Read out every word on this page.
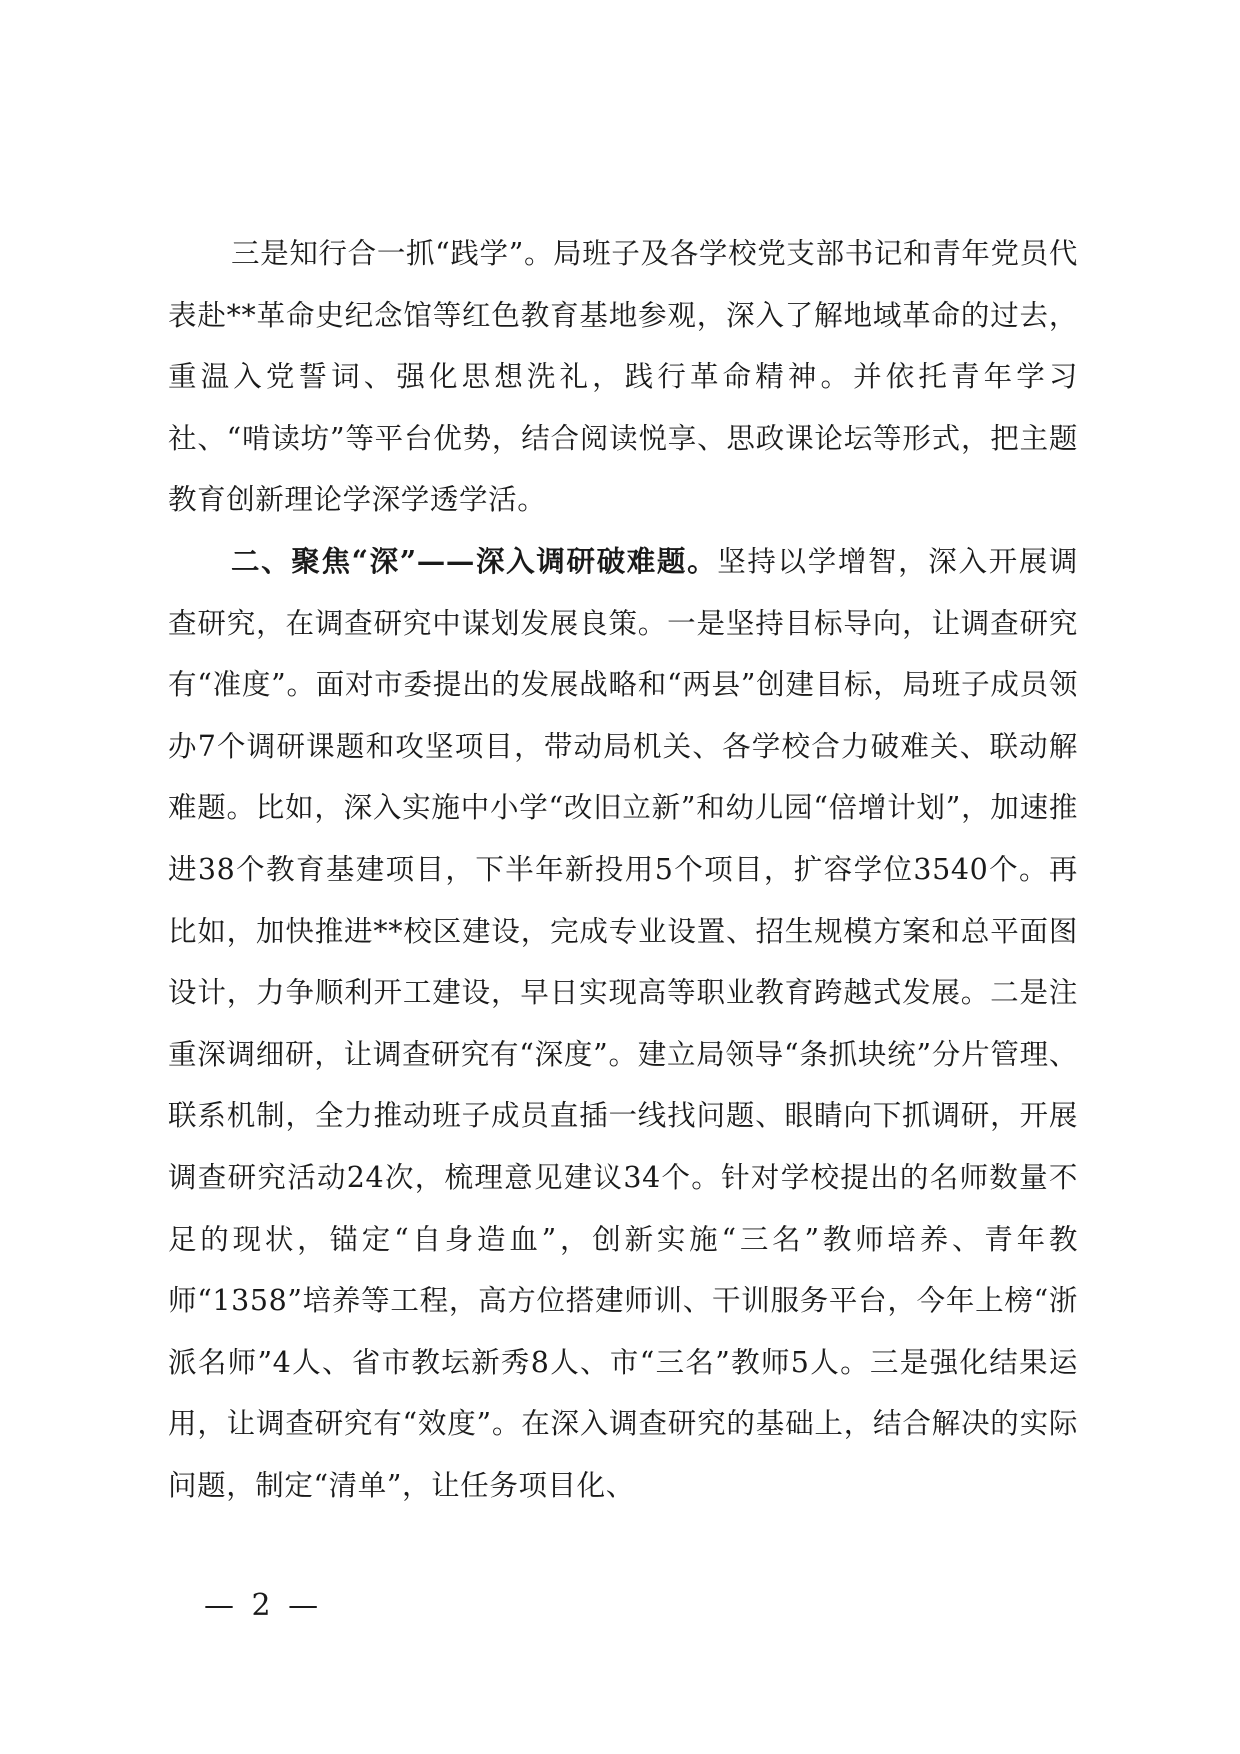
三是知行合一抓“践学”。局班子及各学校党支部书记和青年党员代表赴**革命史纪念馆等红色教育基地参观，深入了解地域革命的过去，重温入党誓词、强化思想洗礼，践行革命精神。并依托青年学习社、“啃读坊”等平台优势，结合阅读悦享、思政课论坛等形式，把主题教育创新理论学深学透学活。

二、聚焦“深”——深入调研破难题。坚持以学增智，深入开展调查研究，在调查研究中谋划发展良策。一是坚持目标导向，让调查研究有“准度”。面对市委提出的发展战略和“两县”创建目标，局班子成员领办7个调研课题和攻坚项目，带动局机关、各学校合力破难关、联动解难题。比如，深入实施中小学“改旧立新”和幼儿园“倍增计划”，加速推进38个教育基建项目，下半年新投用5个项目，扩容学位3540个。再比如，加快推进**校区建设，完成专业设置、招生规模方案和总平面图设计，力争顺利开工建设，早日实现高等职业教育跨越式发展。二是注重深调细研，让调查研究有“深度”。建立局领导“条抓块统”分片管理、联系机制，全力推动班子成员直插一线找问题、眼睛向下抓调研，开展调查研究活动24次，梳理意见建议34个。针对学校提出的名师数量不足的现状，锚定“自身造血”，创新实施“三名”教师培养、青年教师“1358”培养等工程，高方位搭建师训、干训服务平台，今年上榜“浙派名师”4人、省市教坛新秀8人、市“三名”教师5人。三是强化结果运用，让调查研究有“效度”。在深入调查研究的基础上，结合解决的实际问题，制定“清单”，让任务项目化、

— 2 —
